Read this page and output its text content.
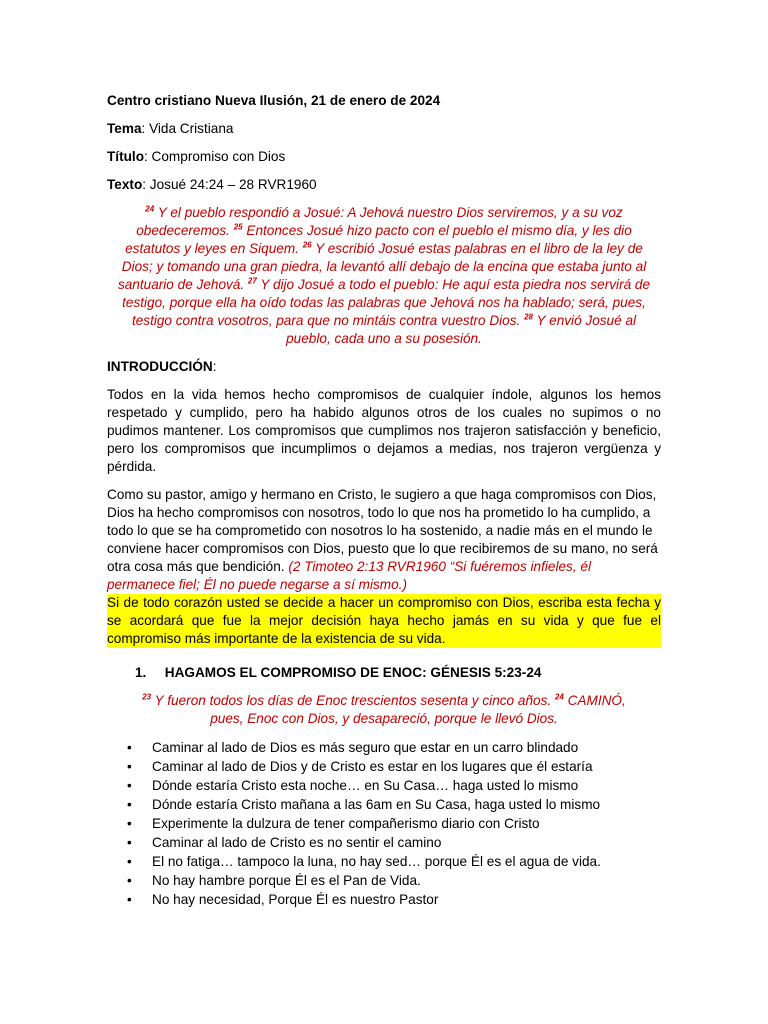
Centro cristiano Nueva Ilusión, 21 de enero de 2024
Tema: Vida Cristiana
Título: Compromiso con Dios
Texto: Josué 24:24 – 28 RVR1960
$^{24}$ Y el pueblo respondió a Josué: A Jehová nuestro Dios serviremos, y a su voz obedeceremos. $^{25}$ Entonces Josué hizo pacto con el pueblo el mismo día, y les dio estatutos y leyes en Siquem. $^{26}$ Y escribió Josué estas palabras en el libro de la ley de Dios; y tomando una gran piedra, la levantó allí debajo de la encina que estaba junto al santuario de Jehová. $^{27}$ Y dijo Josué a todo el pueblo: He aquí esta piedra nos servirá de testigo, porque ella ha oído todas las palabras que Jehová nos ha hablado; será, pues, testigo contra vosotros, para que no mintáis contra vuestro Dios. $^{28}$ Y envió Josué al pueblo, cada uno a su posesión.
INTRODUCCIÓN:

Todos en la vida hemos hecho compromisos de cualquier índole, algunos los hemos respetado y cumplido, pero ha habido algunos otros de los cuales no supimos o no pudimos mantener. Los compromisos que cumplimos nos trajeron satisfacción y beneficio, pero los compromisos que incumplimos o dejamos a medias, nos trajeron vergüenza y pérdida.

Como su pastor, amigo y hermano en Cristo, le sugiero a que haga compromisos con Dios, Dios ha hecho compromisos con nosotros, todo lo que nos ha prometido lo ha cumplido, a todo lo que se ha comprometido con nosotros lo ha sostenido, a nadie más en el mundo le conviene hacer compromisos con Dios, puesto que lo que recibiremos de su mano, no será otra cosa más que bendición. (2 Timoteo 2:13 RVR1960 “Si fuéremos infieles, él permanece fiel; Él no puede negarse a sí mismo.)

Si de todo corazón usted se decide a hacer un compromiso con Dios, escriba esta fecha y se acordará que fue la mejor decisión haya hecho jamás en su vida y que fue el compromiso más importante de la existencia de su vida.

1. HAGAMOS EL COMPROMISO DE ENOC: GÉNESIS 5:23-24
$^{23}$ Y fueron todos los días de Enoc trescientos sesenta y cinco años. $^{24}$ CAMINÓ, pues, Enoc con Dios, y desapareció, porque le llevó Dios.
• Caminar al lado de Dios es más seguro que estar en un carro blindado
• Caminar al lado de Dios y de Cristo es estar en los lugares que él estaría
• Dónde estaría Cristo esta noche… en Su Casa… haga usted lo mismo
• Dónde estaría Cristo mañana a las 6am en Su Casa, haga usted lo mismo
• Experimente la dulzura de tener compañerismo diario con Cristo
• Caminar al lado de Cristo es no sentir el camino
• El no fatiga… tampoco la luna, no hay sed… porque Él es el agua de vida.
• No hay hambre porque Él es el Pan de Vida.
• No hay necesidad, Porque Él es nuestro Pastor
